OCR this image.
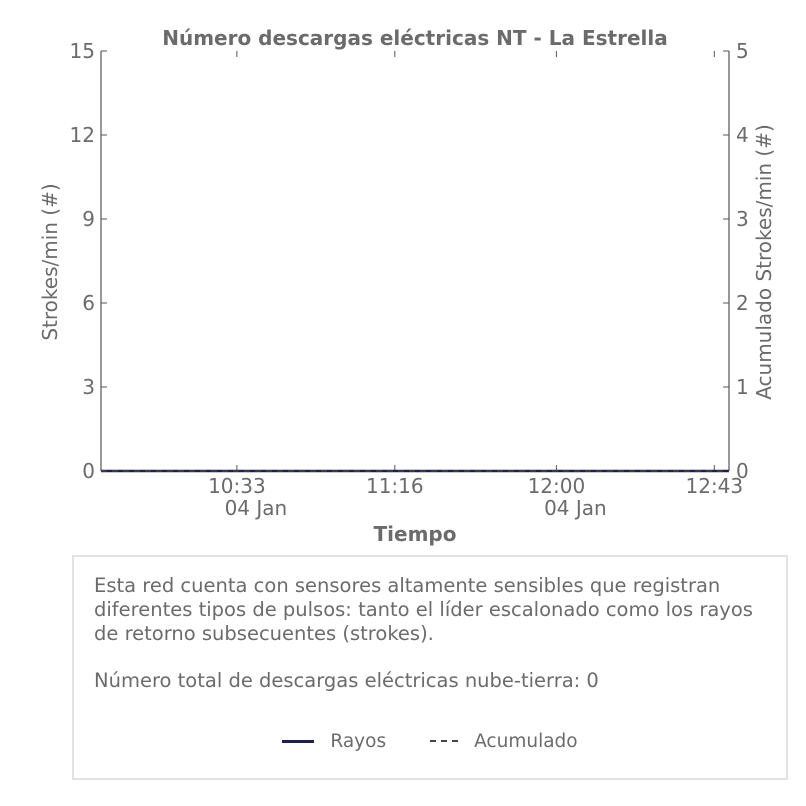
Número descargas eléctricas NT - La Estrella
0
3
6
9
12
15
0
1
2
3
4
5
10:33
04 Jan
11:16	12:00
04 Jan
12:43
Tiempo
Strokes/min (#)	Acumulado Strokes/min (#)
Esta red cuenta con sensores altamente sensibles que registran diferentes tipos de pulsos: tanto el líder escalonado como los rayos de retorno subsecuentes (strokes).
Número total de descargas eléctricas nube-tierra: 0
Rayos	Acumulado
